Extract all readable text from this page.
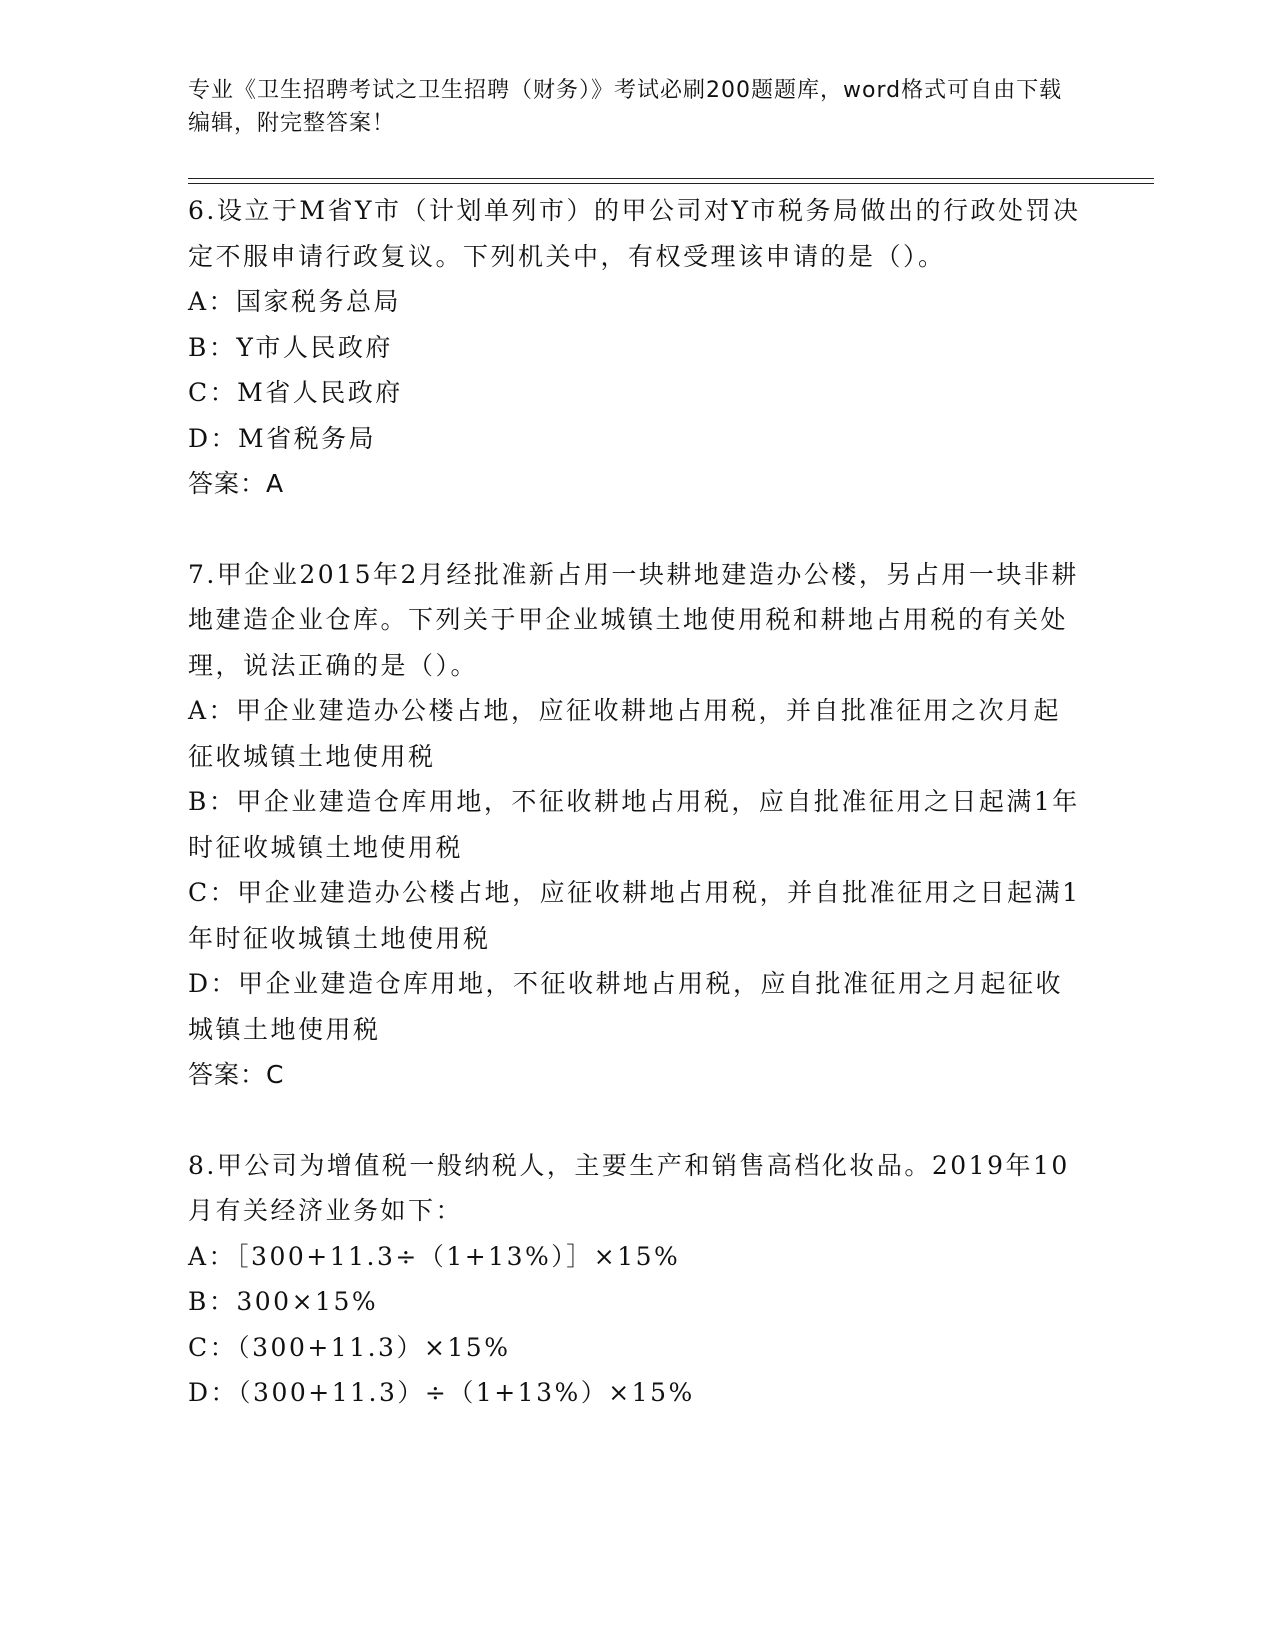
专业《卫生招聘考试之卫生招聘（财务）》考试必刷200题题库，word格式可自由下载编辑，附完整答案！
6.设立于M省Y市（计划单列市）的甲公司对Y市税务局做出的行政处罚决定不服申请行政复议。下列机关中，有权受理该申请的是（）。
A：国家税务总局
B：Y市人民政府
C：M省人民政府
D：M省税务局
答案：A
7.甲企业2015年2月经批准新占用一块耕地建造办公楼，另占用一块非耕地建造企业仓库。下列关于甲企业城镇土地使用税和耕地占用税的有关处理，说法正确的是（）。
A：甲企业建造办公楼占地，应征收耕地占用税，并自批准征用之次月起征收城镇土地使用税
B：甲企业建造仓库用地，不征收耕地占用税，应自批准征用之日起满1年时征收城镇土地使用税
C：甲企业建造办公楼占地，应征收耕地占用税，并自批准征用之日起满1年时征收城镇土地使用税
D：甲企业建造仓库用地，不征收耕地占用税，应自批准征用之月起征收城镇土地使用税
答案：C
8.甲公司为增值税一般纳税人，主要生产和销售高档化妆品。2019年10月有关经济业务如下：
A：［300+11.3÷（1+13%）］×15%
B：300×15%
C：（300+11.3）×15%
D：（300+11.3）÷（1+13%）×15%
